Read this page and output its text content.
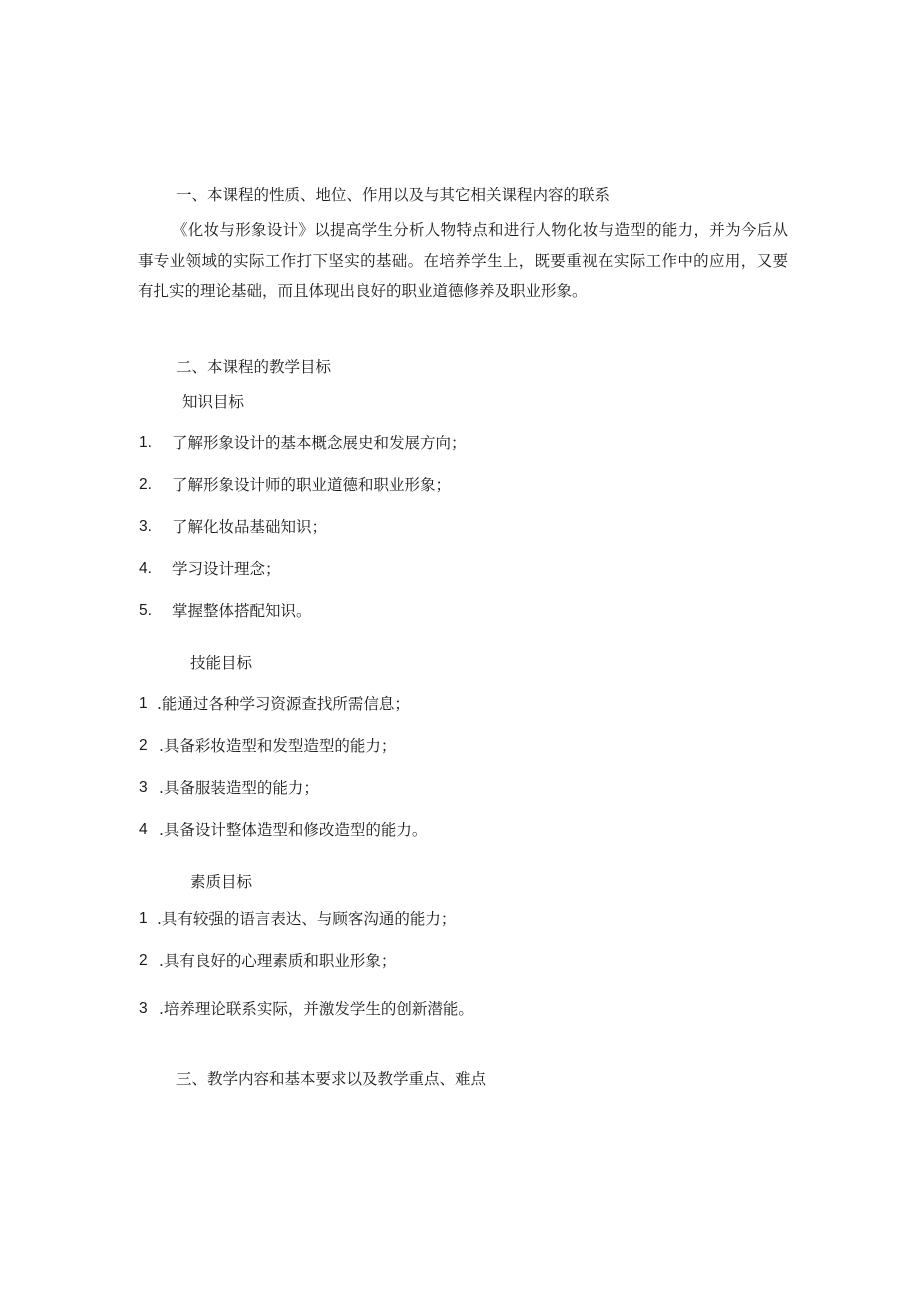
一、本课程的性质、地位、作用以及与其它相关课程内容的联系
《化妆与形象设计》以提高学生分析人物特点和进行人物化妆与造型的能力，并为今后从事专业领域的实际工作打下坚实的基础。在培养学生上，既要重视在实际工作中的应用，又要有扎实的理论基础，而且体现出良好的职业道德修养及职业形象。
二、本课程的教学目标
知识目标
1. 了解形象设计的基本概念展史和发展方向；
2. 了解形象设计师的职业道德和职业形象；
3. 了解化妆品基础知识；
4. 学习设计理念；
5. 掌握整体搭配知识。
技能目标
1 .能通过各种学习资源查找所需信息；
2 .具备彩妆造型和发型造型的能力；
3 .具备服装造型的能力；
4 .具备设计整体造型和修改造型的能力。
素质目标
1 .具有较强的语言表达、与顾客沟通的能力；
2 .具有良好的心理素质和职业形象；
3 .培养理论联系实际，并激发学生的创新潜能。
三、教学内容和基本要求以及教学重点、难点
